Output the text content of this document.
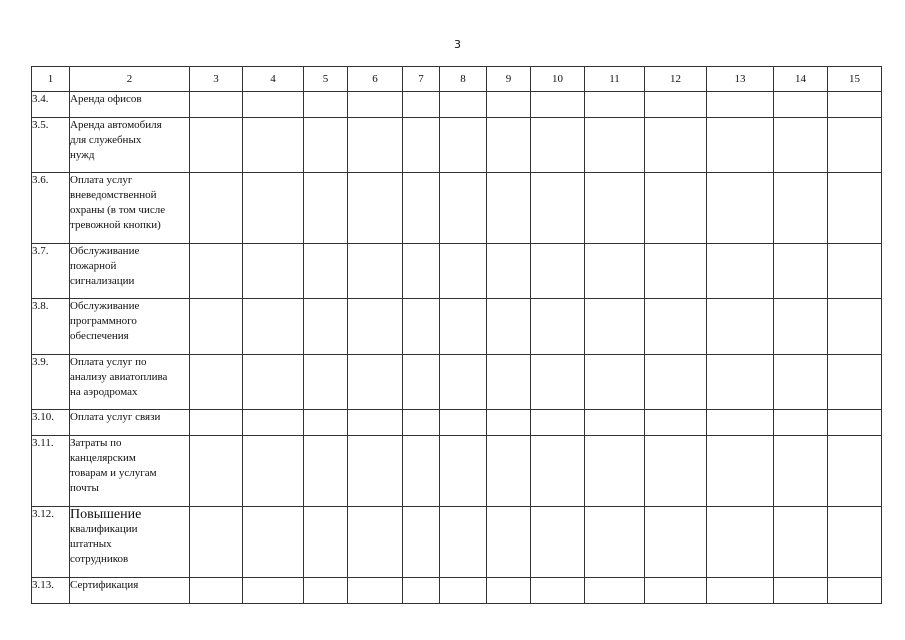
3
1	2	3	4	5	6	7	8	9	10	11	12	13	14	15
3.4.	Аренда офисов													

3.5.	Аренда автомобиля
для служебных
нужд													

3.6.	Оплата услуг
вневедомственной
охраны (в том числе
тревожной кнопки)													

3.7.	Обслуживание
пожарной
сигнализации													

3.8.	Обслуживание
программного
обеспечения													

3.9.	Оплата услуг по
анализу авиатоплива
на аэродромах													

3.10.	Оплата услуг связи													

3.11.	Затраты по
канцелярским
товарам и услугам
почты													

3.12.	Повышение
квалификации
штатных
сотрудников													

3.13.	Сертификация													
